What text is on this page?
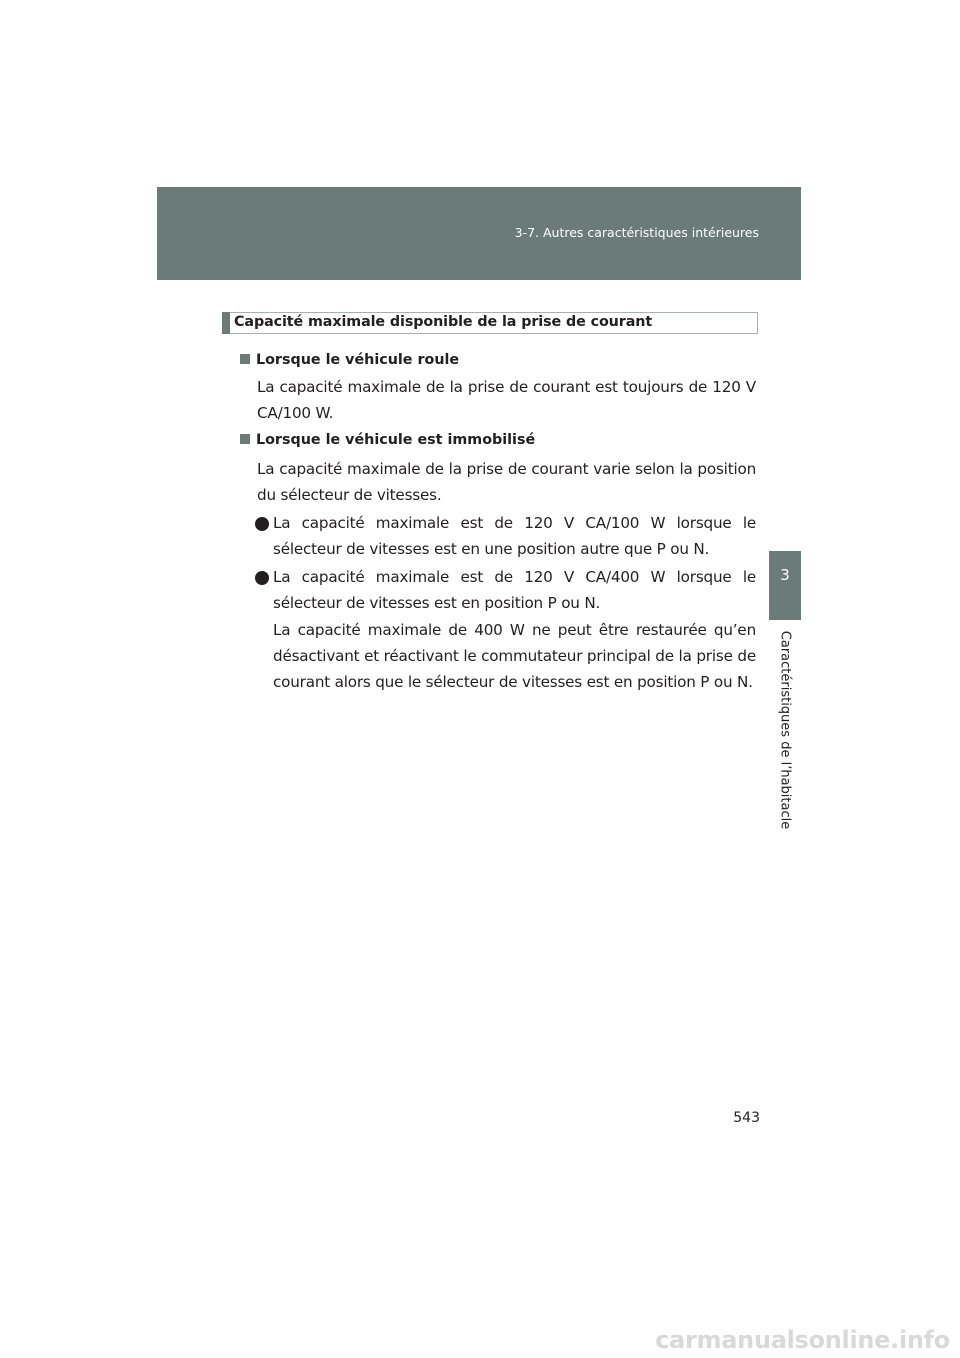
3-7. Autres caractéristiques intérieures
3
Caractéristiques de l’habitacle
Capacité maximale disponible de la prise de courant
Lorsque le véhicule roule
La capacité maximale de la prise de courant est toujours de 120 V CA/100 W.
Lorsque le véhicule est immobilisé
La capacité maximale de la prise de courant varie selon la position du sélecteur de vitesses.
La capacité maximale est de 120 V CA/100 W lorsque le sélecteur de vitesses est en une position autre que P ou N.
La capacité maximale est de 120 V CA/400 W lorsque le sélecteur de vitesses est en position P ou N.
La capacité maximale de 400 W ne peut être restaurée qu’en désactivant et réactivant le commutateur principal de la prise de courant alors que le sélecteur de vitesses est en position P ou N.
543
carmanualsonline.info
